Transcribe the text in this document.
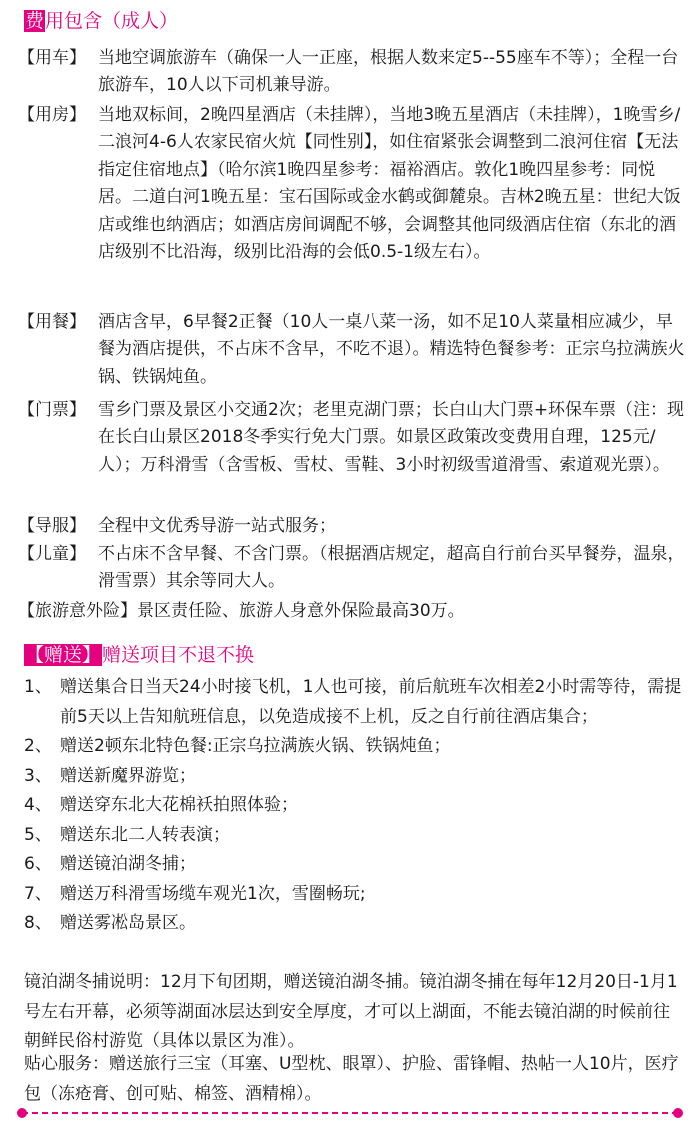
费用包含（成人）
【用车】 当地空调旅游车（确保一人一正座，根据人数来定5--55座车不等）；全程一台旅游车，10人以下司机兼导游。
【用房】 当地双标间，2晚四星酒店（未挂牌），当地3晚五星酒店（未挂牌），1晚雪乡/二浪河4-6人农家民宿火炕【同性别】，如住宿紧张会调整到二浪河住宿【无法指定住宿地点】（哈尔滨1晚四星参考：福裕酒店。敦化1晚四星参考：同悦居。二道白河1晚五星：宝石国际或金水鹤或御麓泉。吉林2晚五星：世纪大饭店或维也纳酒店；如酒店房间调配不够，会调整其他同级酒店住宿（东北的酒店级别不比沿海，级别比沿海的会低0.5-1级左右）。
【用餐】 酒店含早，6早餐2正餐（10人一桌八菜一汤，如不足10人菜量相应减少，早餐为酒店提供，不占床不含早，不吃不退）。精选特色餐参考：正宗乌拉满族火锅、铁锅炖鱼。
【门票】 雪乡门票及景区小交通2次；老里克湖门票；长白山大门票+环保车票（注：现在长白山景区2018冬季实行免大门票。如景区政策改变费用自理，125元/人）；万科滑雪（含雪板、雪杖、雪鞋、3小时初级雪道滑雪、索道观光票）。
【导服】 全程中文优秀导游一站式服务；
【儿童】 不占床不含早餐、不含门票。（根据酒店规定，超高自行前台买早餐券，温泉，滑雪票）其余等同大人。
【旅游意外险】景区责任险、旅游人身意外保险最高30万。
【赠送】赠送项目不退不换
1、 赠送集合日当天24小时接飞机，1人也可接，前后航班车次相差2小时需等待，需提前5天以上告知航班信息，以免造成接不上机，反之自行前往酒店集合；
2、 赠送2顿东北特色餐:正宗乌拉满族火锅、铁锅炖鱼；
3、 赠送新魔界游览；
4、 赠送穿东北大花棉袄拍照体验；
5、 赠送东北二人转表演；
6、 赠送镜泊湖冬捕；
7、 赠送万科滑雪场缆车观光1次，雪圈畅玩;
8、 赠送雾凇岛景区。
镜泊湖冬捕说明：12月下旬团期，赠送镜泊湖冬捕。镜泊湖冬捕在每年12月20日-1月1号左右开幕，必须等湖面冰层达到安全厚度，才可以上湖面，不能去镜泊湖的时候前往朝鲜民俗村游览（具体以景区为准）。
贴心服务：赠送旅行三宝（耳塞、U型枕、眼罩）、护脸、雷锋帽、热帖一人10片，医疗包（冻疮膏、创可贴、棉签、酒精棉）。
